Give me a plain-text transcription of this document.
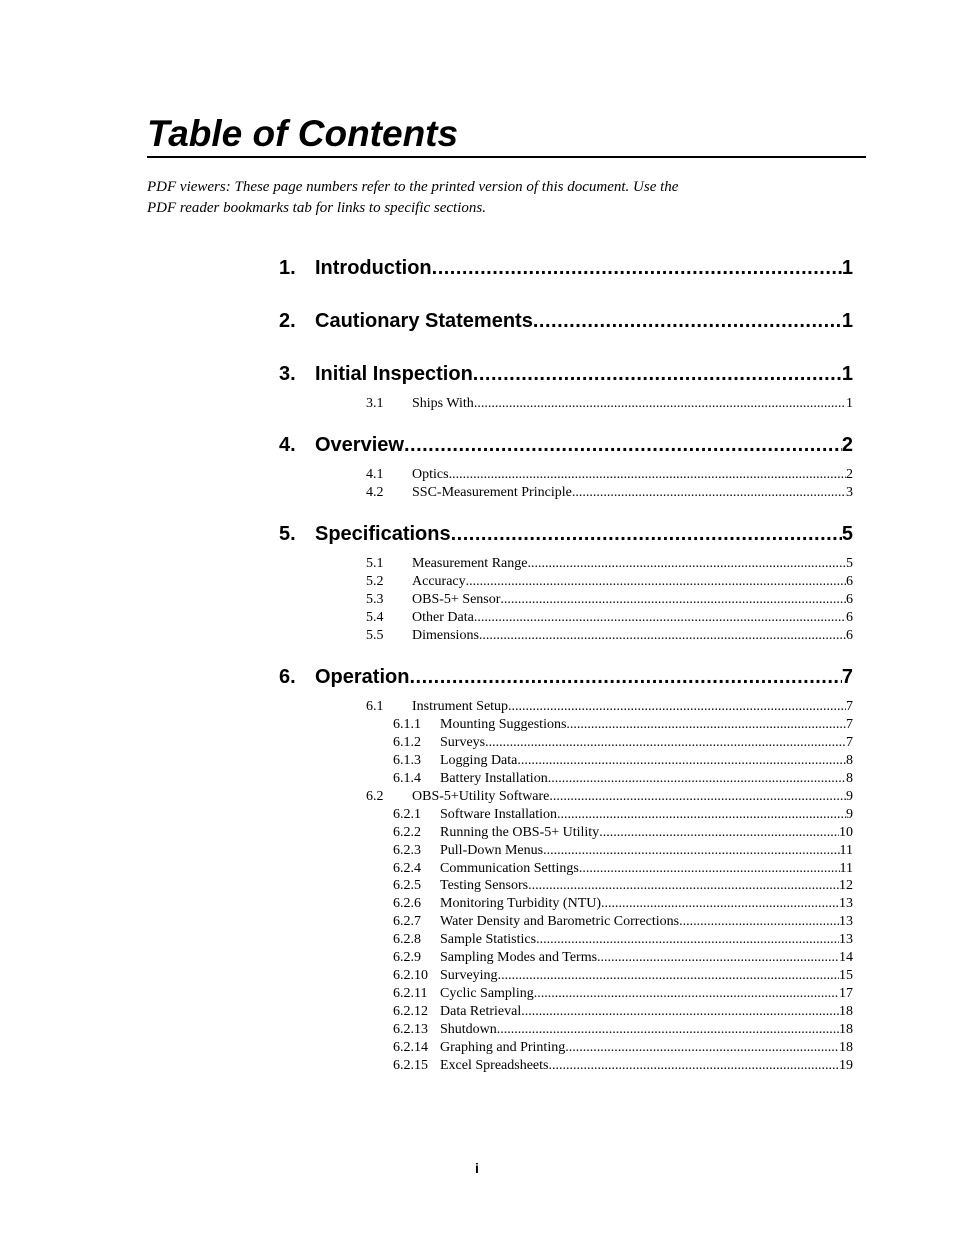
Table of Contents
PDF viewers: These page numbers refer to the printed version of this document. Use the
PDF reader bookmarks tab for links to specific sections.
1. Introduction .....	1
2. Cautionary Statements .....	1
3. Initial Inspection .....	1
3.1	Ships With .....	1
4. Overview .....	2
4.1	Optics .....	2
4.2	SSC-Measurement Principle .....	3
5. Specifications .....	5
5.1	Measurement Range .....	5
5.2	Accuracy .....	6
5.3	OBS-5+ Sensor .....	6
5.4	Other Data .....	6
5.5	Dimensions .....	6
6. Operation .....	7
6.1	Instrument Setup .....	7
6.1.1	Mounting Suggestions .....	7
6.1.2	Surveys .....	7
6.1.3	Logging Data .....	8
6.1.4	Battery Installation .....	8
6.2	OBS-5+Utility Software .....	9
6.2.1	Software Installation .....	9
6.2.2	Running the OBS-5+ Utility .....	10
6.2.3	Pull-Down Menus .....	11
6.2.4	Communication Settings .....	11
6.2.5	Testing Sensors .....	12
6.2.6	Monitoring Turbidity (NTU) .....	13
6.2.7	Water Density and Barometric Corrections .....	13
6.2.8	Sample Statistics .....	13
6.2.9	Sampling Modes and Terms .....	14
6.2.10 Surveying .....	15
6.2.11 Cyclic Sampling .....	17
6.2.12 Data Retrieval .....	18
6.2.13 Shutdown .....	18
6.2.14 Graphing and Printing .....	18
6.2.15 Excel Spreadsheets .....	19
i
